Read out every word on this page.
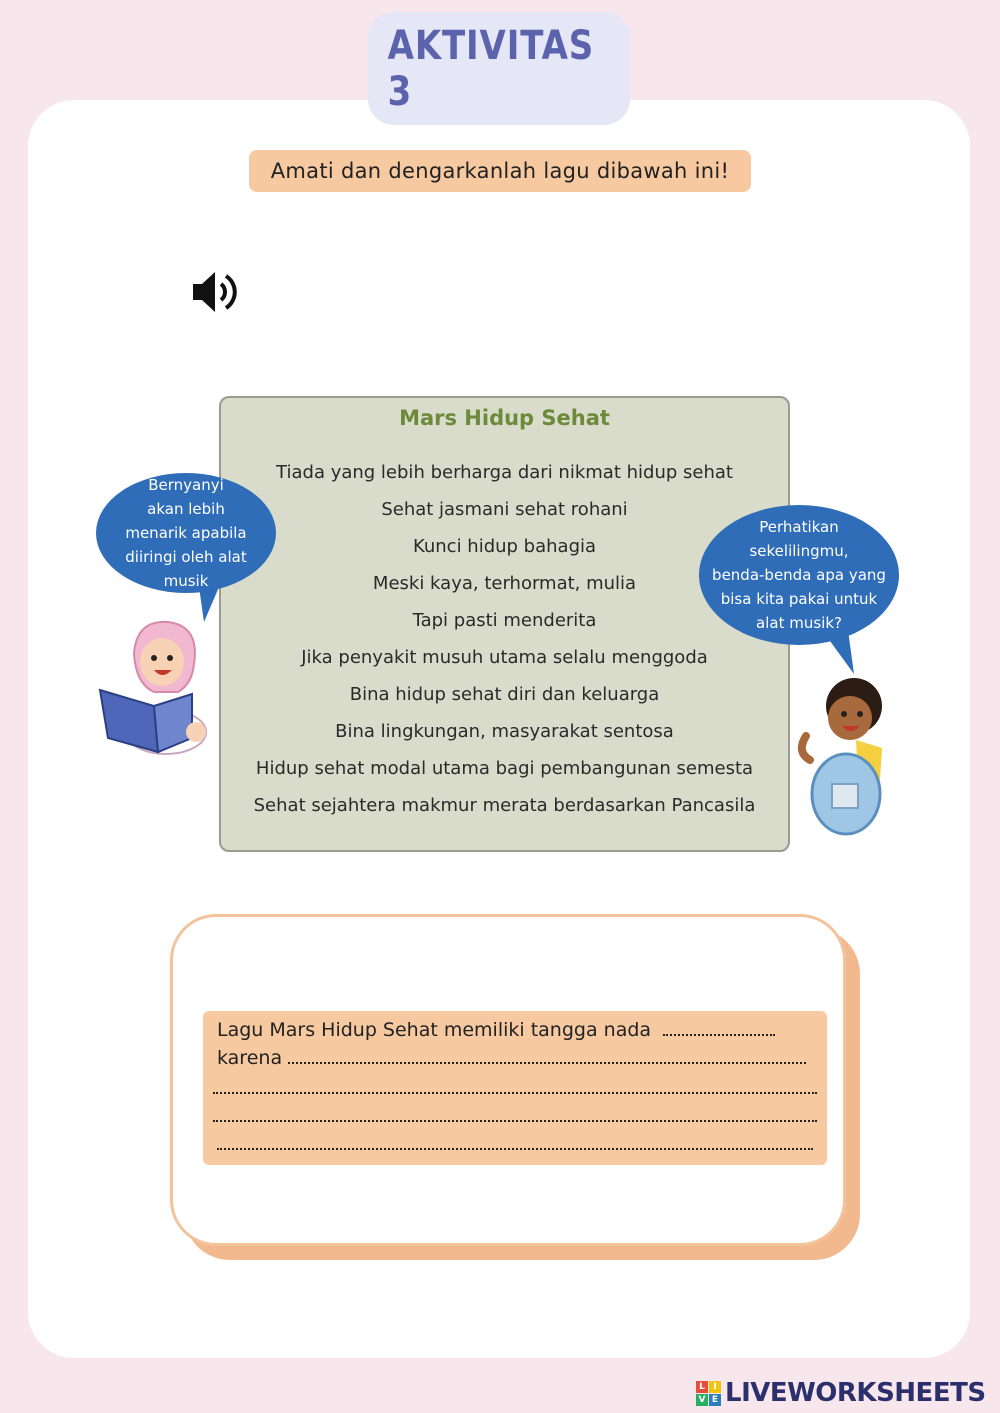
AKTIVITAS 3
Amati dan dengarkanlah lagu dibawah ini!
Mars Hidup Sehat
Tiada yang lebih berharga dari nikmat hidup sehat
Sehat jasmani sehat rohani
Kunci hidup bahagia
Meski kaya, terhormat, mulia
Tapi pasti menderita
Jika penyakit musuh utama selalu menggoda
Bina hidup sehat diri dan keluarga
Bina lingkungan, masyarakat sentosa
Hidup sehat modal utama bagi pembangunan semesta
Sehat sejahtera makmur merata berdasarkan Pancasila
Bernyanyi
akan lebih
menarik apabila
diiringi oleh alat
musik
Perhatikan
sekelilingmu,
benda-benda apa yang
bisa kita pakai untuk
alat musik?
Lagu Mars Hidup Sehat memiliki tangga nada
karena
L I
V E LIVEWORKSHEETS
